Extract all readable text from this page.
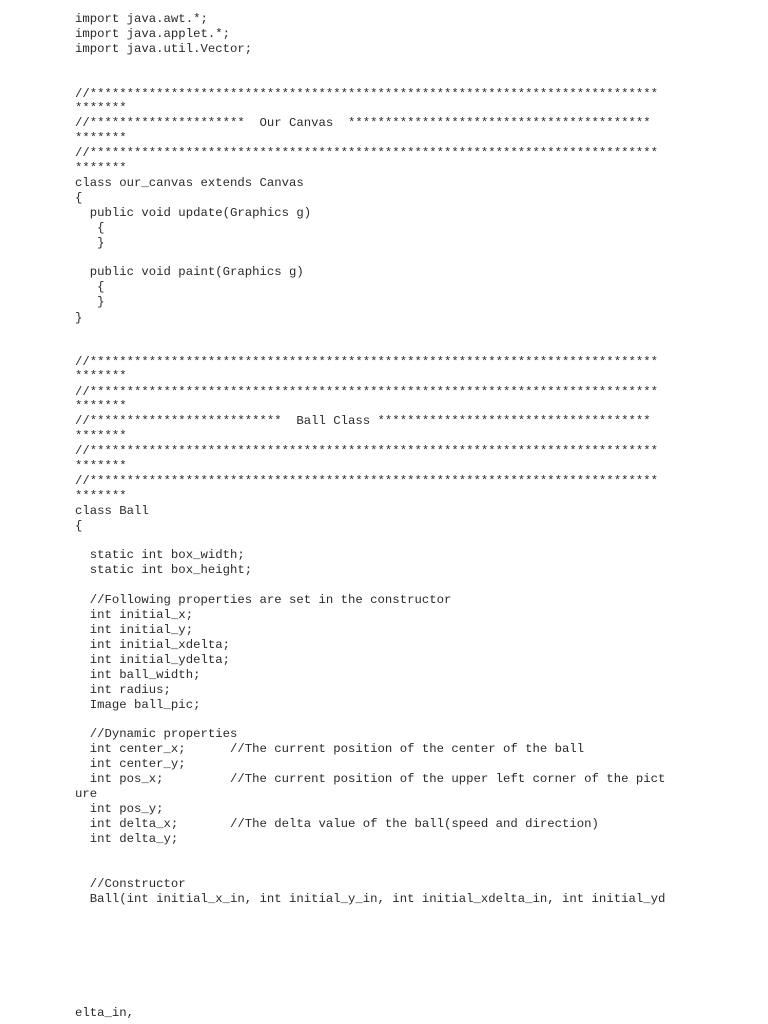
import java.awt.*;
import java.applet.*;
import java.util.Vector;
//*****************************************************************************
*******
//*********************  Our Canvas  *****************************************
*******
//*****************************************************************************
*******
class our_canvas extends Canvas
{
public void update(Graphics g)
{
}
public void paint(Graphics g)
{
}
}
//*****************************************************************************
*******
//*****************************************************************************
*******
//**************************  Ball Class *************************************
*******
//*****************************************************************************
*******
//*****************************************************************************
*******
class Ball
{
static int box_width;
static int box_height;
//Following properties are set in the constructor
int initial_x;
int initial_y;
int initial_xdelta;
int initial_ydelta;
int ball_width;
int radius;
Image ball_pic;
//Dynamic properties
int center_x;      //The current position of the center of the ball
int center_y;
int pos_x;         //The current position of the upper left corner of the pict
ure
int pos_y;
int delta_x;       //The delta value of the ball(speed and direction)
int delta_y;
//Constructor
Ball(int initial_x_in, int initial_y_in, int initial_xdelta_in, int initial_yd
elta_in,
